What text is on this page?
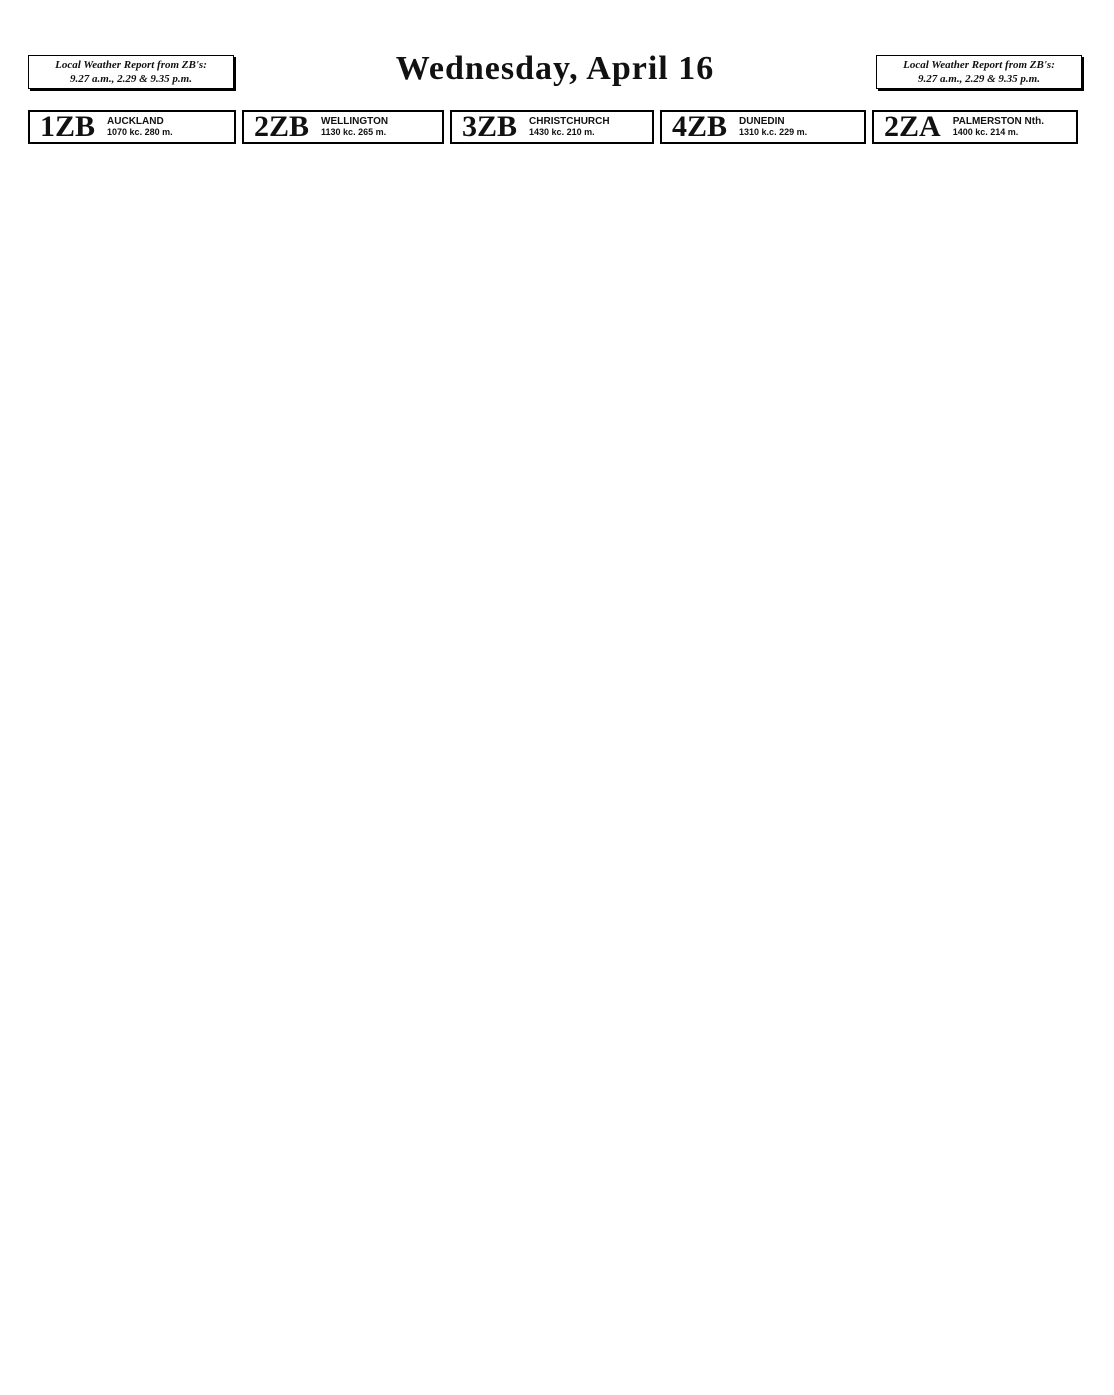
Local Weather Report from ZB's:
9.27 a.m., 2.29 & 9.35 p.m.	Wednesday, April 16	Local Weather Report from ZB's:
9.27 a.m., 2.29 & 9.35 p.m.
1ZB	AUCKLAND
1070 kc. 280 m.	2ZB	WELLINGTON
1130 kc. 265 m.	3ZB	CHRISTCHURCH
1430 kc. 210 m.	4ZB	DUNEDIN
1310 k.c. 229 m.	2ZA	PALMERSTON Nth.
1400 kc. 214 m.
